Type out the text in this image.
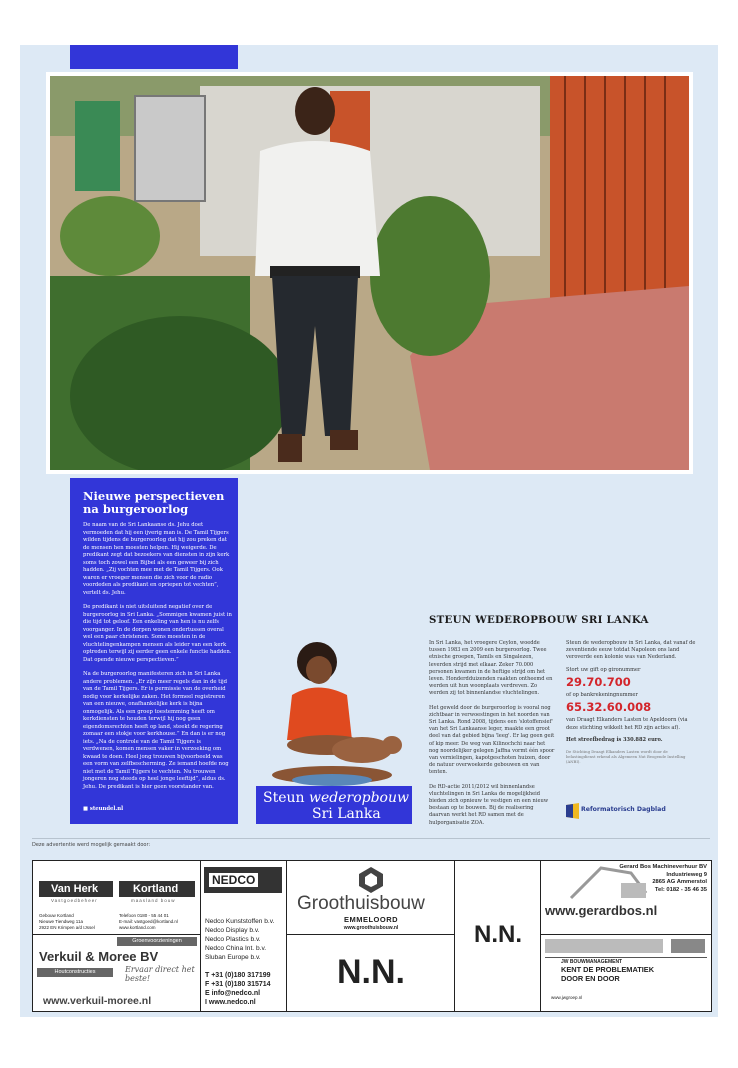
Nieuwe perspectieven
na burgeroorlog

De naam van de Sri Lankaanse ds. Jehu doet vermoeden dat hij een ijverig man is. De Tamil Tijgers wilden tijdens de burgeroorlog dat hij zou preken dat de mensen hen moesten helpen. Hij weigerde. De predikant zegt dat bezoekers van diensten in zijn kerk soms toch zowel een Bijbel als een geweer bij zich hadden. „Zij vochten mee met de Tamil Tijgers. Ook waren er vroeger mensen die zich voor de radio voordeden als predikant en opriepen tot vechten”, vertelt ds. Jehu.

De predikant is niet uitsluitend negatief over de burgeroorlog in Sri Lanka. „Sommigen kwamen juist in die tijd tot geloof. Een enkeling van hen is nu zelfs voorganger. In de dorpen wonen ondertussen overal wel een paar christenen. Soms moesten in de vluchtelingenkampen mensen als leider van een kerk optreden terwijl zij eerder geen enkele functie hadden. Dat opende nieuwe perspectieven.”

Na de burgeroorlog manifesteren zich in Sri Lanka andere problemen. „Er zijn meer regels dan in de tijd van de Tamil Tijgers. Er is permissie van de overheid nodig voor kerkelijke zaken. Het formeel registreren van een nieuwe, onafhankelijke kerk is bijna onmogelijk. Als een groep toestemming heeft om kerkdiensten te houden terwijl hij nog geen eigendomsrechten heeft op land, steekt de regering zomaar een stokje voor kerkhouse.” En dan is er nog iets. „Na de controle van de Tamil Tijgers is verdwenen, komen mensen vaker in verzoeking om kwaad te doen. Heel jong trouwen bijvoorbeeld was een vorm van zelfbescherming. Ze iemand hoefde nog niet met de Tamil Tijgers te vechten. Nu trouwen jongeren nog steeds op heel jonge leeftijd”, aldus ds. Jehu. De predikant is hier geen voorstander van.

■ steundel.nl
Steun wederopbouw
Sri Lanka
STEUN WEDEROPBOUW SRI LANKA

In Sri Lanka, het vroegere Ceylon, woedde tussen 1983 en 2009 een burgeroorlog. Twee etnische groepen, Tamils en Singalezen, leverden strijd met elkaar. Zeker 70.000 personen kwamen in de heftige strijd om het leven. Honderdduizenden raakten ontheemd en werden uit hun woonplaats verdreven. Zo werden zij tot binnenlandse vluchtelingen.

Het geweld door de burgeroorlog is vooral nog zichtbaar in verwoestingen in het noorden van Sri Lanka. Rond 2008, tijdens een 'slotoffensief' van het Sri Lankaanse leger, maakte een groot deel van dat gebied bijna 'leeg'. Er lag geen geit of kip meer. De weg van Kilinochchi naar het nog noordelijker gelegen Jaffna vormt één spoor van vernielingen, kapotgeschoten huizen, door de natuur overwoekerde gebouwen en van tenten.

De RD-actie 2011/2012 wil binnenlandse vluchtelingen in Sri Lanka de mogelijkheid bieden zich opnieuw te vestigen en een nieuw bestaan op te bouwen. Bij de realisering daarvan werkt het RD samen met de hulporganisatie ZOA.

Steun de wederopbouw in Sri Lanka, dat vanaf de zeventiende eeuw totdat Napoleon ons land veroverde een kolonie was van Nederland.

Stort uw gift op gironummer

29.70.700

of op bankrekeningnummer

65.32.60.008

van Draagt Elkanders Lasten te Apeldoorn (via deze stichting wikkelt het RD zijn acties af).

Het streefbedrag is 330.882 euro.

De Stichting Draagt Elkanders Lasten wordt door de belastingdienst erkend als Algemeen Nut Beogende Instelling (ANBI).

Reformatorisch Dagblad
Deze advertentie werd mogelijk gemaakt door:
Van Herk	Kortland
Vastgoedbeheer	maasland bouw
Gebouw Kortland
Nieuwe Tiendweg 11a
2922 EN Krimpen a/d IJssel
Telefoon 0180 - 55 44 01
E-mail: vastgoed@kortland.nl
www.kortland.com
Groenvoorzieningen
Verkuil & Moree BV
Houtconstructies	Ervaar direct het beste!
www.verkuil-moree.nl
NEDCO
Nedco Kunststoffen b.v.
Nedco Display b.v.
Nedco Plastics b.v.
Nedco China Int. b.v.
Sluban Europe b.v.
T +31 (0)180 317199
F +31 (0)180 315714
E info@nedco.nl
I www.nedco.nl
Groothuisbouw
EMMELOORD
www.groothuisbouw.nl
N.N.
N.N.
Gerard Bos Machineverhuur BV
Industrieweg 9
2865 AG Ammerstol
Tel: 0182 - 35 46 35
www.gerardbos.nl
JW BOUWMANAGEMENT
KENT DE PROBLEMATIEK
DOOR EN DOOR
www.jwgroep.nl
